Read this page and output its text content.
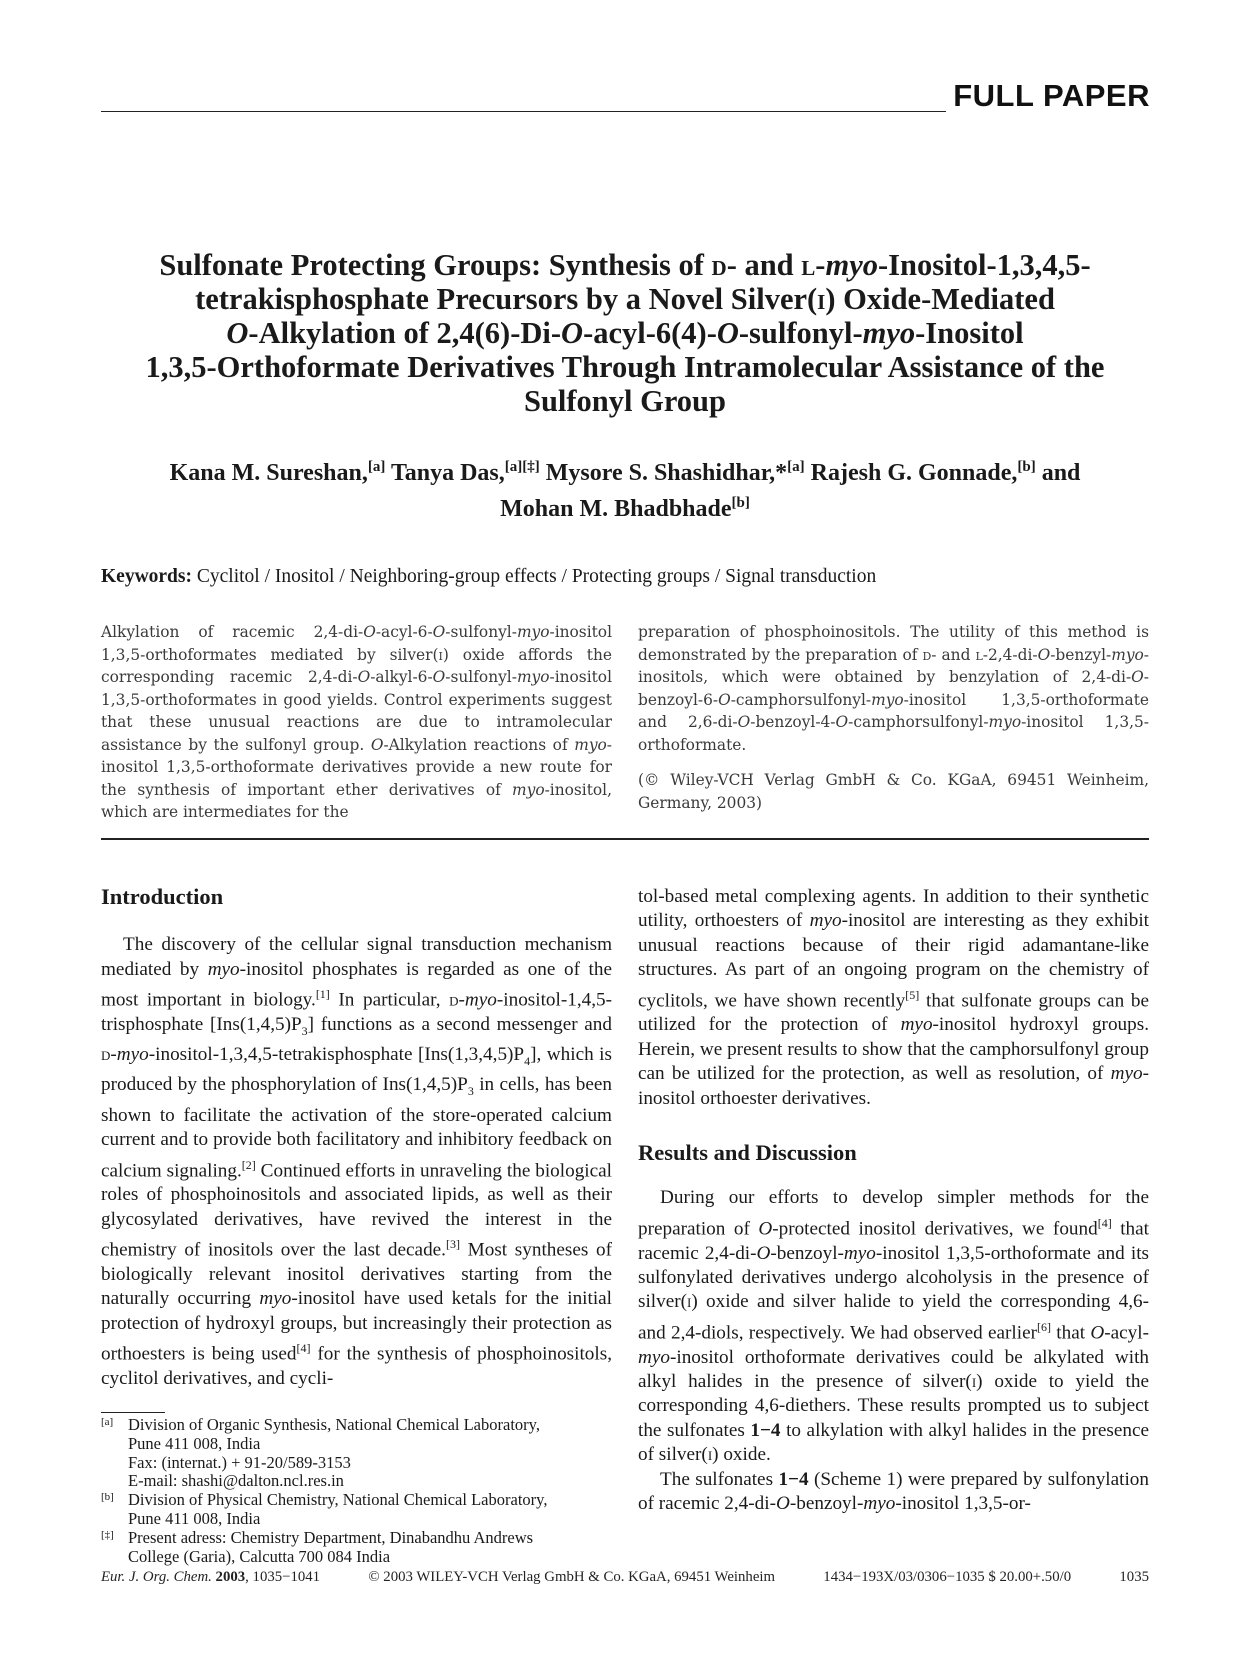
FULL PAPER
Sulfonate Protecting Groups: Synthesis of d- and l-myo-Inositol-1,3,4,5-
tetrakisphosphate Precursors by a Novel Silver(i) Oxide-Mediated
O-Alkylation of 2,4(6)-Di-O-acyl-6(4)-O-sulfonyl-myo-Inositol
1,3,5-Orthoformate Derivatives Through Intramolecular Assistance of the
Sulfonyl Group

Kana M. Sureshan,[a] Tanya Das,[a][‡] Mysore S. Shashidhar,*[a] Rajesh G. Gonnade,[b] and
Mohan M. Bhadbhade[b]

Keywords: Cyclitol / Inositol / Neighboring-group effects / Protecting groups / Signal transduction

Alkylation of racemic 2,4-di-O-acyl-6-O-sulfonyl-myo-inositol 1,3,5-orthoformates mediated by silver(i) oxide affords the corresponding racemic 2,4-di-O-alkyl-6-O-sulfonyl-myo-inositol 1,3,5-orthoformates in good yields. Control experiments suggest that these unusual reactions are due to intramolecular assistance by the sulfonyl group. O-Alkylation reactions of myo-inositol 1,3,5-orthoformate derivatives provide a new route for the synthesis of important ether derivatives of myo-inositol, which are intermediates for the

preparation of phosphoinositols. The utility of this method is demonstrated by the preparation of d- and l-2,4-di-O-benzyl-myo-inositols, which were obtained by benzylation of 2,4-di-O-benzoyl-6-O-camphorsulfonyl-myo-inositol 1,3,5-orthoformate and 2,6-di-O-benzoyl-4-O-camphorsulfonyl-myo-inositol 1,3,5-orthoformate.

(© Wiley-VCH Verlag GmbH & Co. KGaA, 69451 Weinheim, Germany, 2003)

Introduction

The discovery of the cellular signal transduction mechanism mediated by myo-inositol phosphates is regarded as one of the most important in biology.[1] In particular, d-myo-inositol-1,4,5-trisphosphate $[Ins(1,4,5)P_3]$ functions as a second messenger and d-myo-inositol-1,3,4,5-tetrakisphosphate $[Ins(1,3,4,5)P_4]$, which is produced by the phosphorylation of $Ins(1,4,5)P_3$ in cells, has been shown to facilitate the activation of the store-operated calcium current and to provide both facilitatory and inhibitory feedback on calcium signaling.[2] Continued efforts in unraveling the biological roles of phosphoinositols and associated lipids, as well as their glycosylated derivatives, have revived the interest in the chemistry of inositols over the last decade.[3] Most syntheses of biologically relevant inositol derivatives starting from the naturally occurring myo-inositol have used ketals for the initial protection of hydroxyl groups, but increasingly their protection as orthoesters is being used[4] for the synthesis of phosphoinositols, cyclitol derivatives, and cycli-

tol-based metal complexing agents. In addition to their synthetic utility, orthoesters of myo-inositol are interesting as they exhibit unusual reactions because of their rigid adamantane-like structures. As part of an ongoing program on the chemistry of cyclitols, we have shown recently[5] that sulfonate groups can be utilized for the protection of myo-inositol hydroxyl groups. Herein, we present results to show that the camphorsulfonyl group can be utilized for the protection, as well as resolution, of myo-inositol orthoester derivatives.

Results and Discussion

During our efforts to develop simpler methods for the preparation of O-protected inositol derivatives, we found[4] that racemic 2,4-di-O-benzoyl-myo-inositol 1,3,5-orthoformate and its sulfonylated derivatives undergo alcoholysis in the presence of silver(i) oxide and silver halide to yield the corresponding 4,6- and 2,4-diols, respectively. We had observed earlier[6] that O-acyl-myo-inositol orthoformate derivatives could be alkylated with alkyl halides in the presence of silver(i) oxide to yield the corresponding 4,6-diethers. These results prompted us to subject the sulfonates 1−4 to alkylation with alkyl halides in the presence of silver(i) oxide.

The sulfonates 1−4 (Scheme 1) were prepared by sulfonylation of racemic 2,4-di-O-benzoyl-myo-inositol 1,3,5-or-

[a] Division of Organic Synthesis, National Chemical Laboratory,
Pune 411 008, India
Fax: (internat.) + 91-20/589-3153
E-mail: shashi@dalton.ncl.res.in
[b] Division of Physical Chemistry, National Chemical Laboratory,
Pune 411 008, India
[‡] Present adress: Chemistry Department, Dinabandhu Andrews
College (Garia), Calcutta 700 084 India
Eur. J. Org. Chem. 2003, 1035−1041	© 2003 WILEY-VCH Verlag GmbH & Co. KGaA, 69451 Weinheim	1434−193X/03/0306−1035 $ 20.00+.50/0	1035
